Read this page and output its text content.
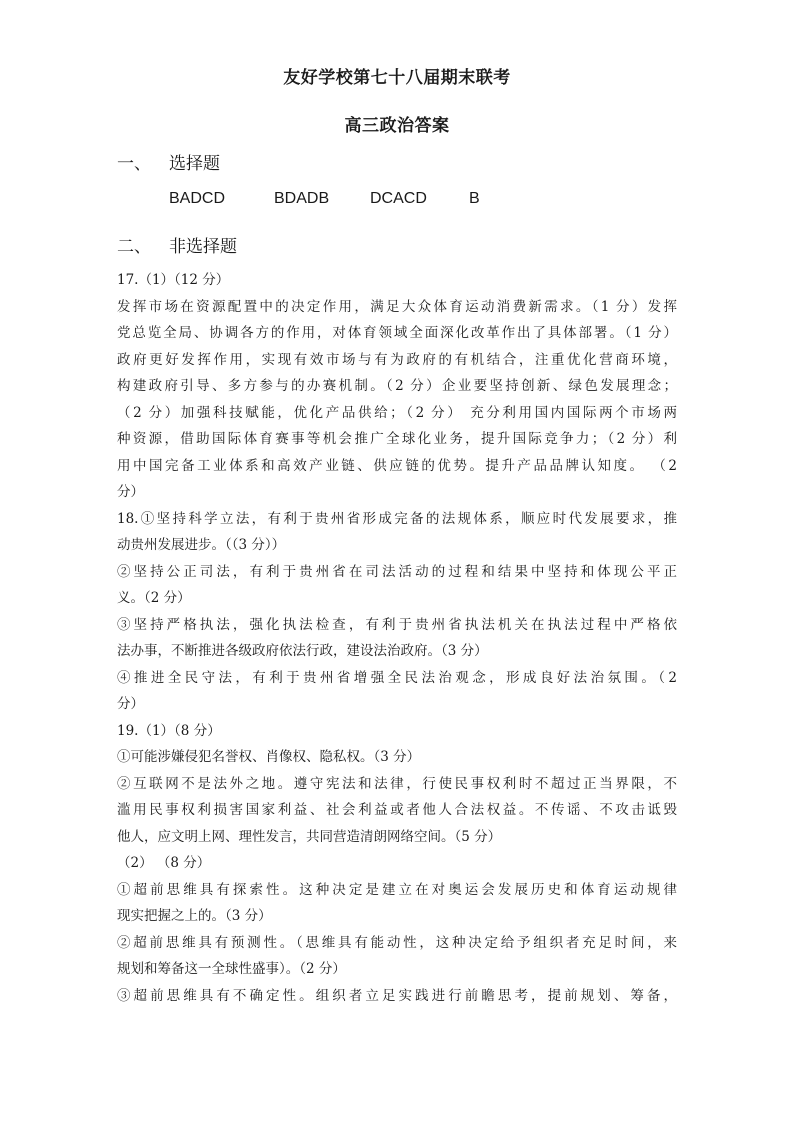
友好学校第七十八届期末联考
高三政治答案
一、 选择题
BADCD	BDADB	DCACD	B
二、 非选择题
17.（1）（12 分）
发挥市场在资源配置中的决定作用，满足大众体育运动消费新需求。（1 分）发挥
党总览全局、协调各方的作用，对体育领域全面深化改革作出了具体部署。（1 分）
政府更好发挥作用，实现有效市场与有为政府的有机结合，注重优化营商环境，
构建政府引导、多方参与的办赛机制。（2 分）企业要坚持创新、绿色发展理念；
（2 分）加强科技赋能，优化产品供给；（2 分） 充分利用国内国际两个市场两
种资源，借助国际体育赛事等机会推广全球化业务，提升国际竞争力；（2 分）利
用中国完备工业体系和高效产业链、供应链的优势。提升产品品牌认知度。 （2
分）
18.①坚持科学立法，有利于贵州省形成完备的法规体系，顺应时代发展要求，推
动贵州发展进步。（（3 分））
②坚持公正司法，有利于贵州省在司法活动的过程和结果中坚持和体现公平正
义。（2 分）
③坚持严格执法，强化执法检查，有利于贵州省执法机关在执法过程中严格依
法办事，不断推进各级政府依法行政，建设法治政府。（3 分）
④推进全民守法，有利于贵州省增强全民法治观念，形成良好法治氛围。（2
分）
19.（1）（8 分）
①可能涉嫌侵犯名誉权、肖像权、隐私权。（3 分）
②互联网不是法外之地。遵守宪法和法律，行使民事权利时不超过正当界限，不
滥用民事权利损害国家利益、社会利益或者他人合法权益。不传谣、不攻击诋毁
他人，应文明上网、理性发言，共同营造清朗网络空间。（5 分）
（2） （8 分）
①超前思维具有探索性。这种决定是建立在对奥运会发展历史和体育运动规律
现实把握之上的。（3 分）
②超前思维具有预测性。（思维具有能动性，这种决定给予组织者充足时间，来
规划和筹备这一全球性盛事）。（2 分）
③超前思维具有不确定性。组织者立足实践进行前瞻思考，提前规划、筹备，
